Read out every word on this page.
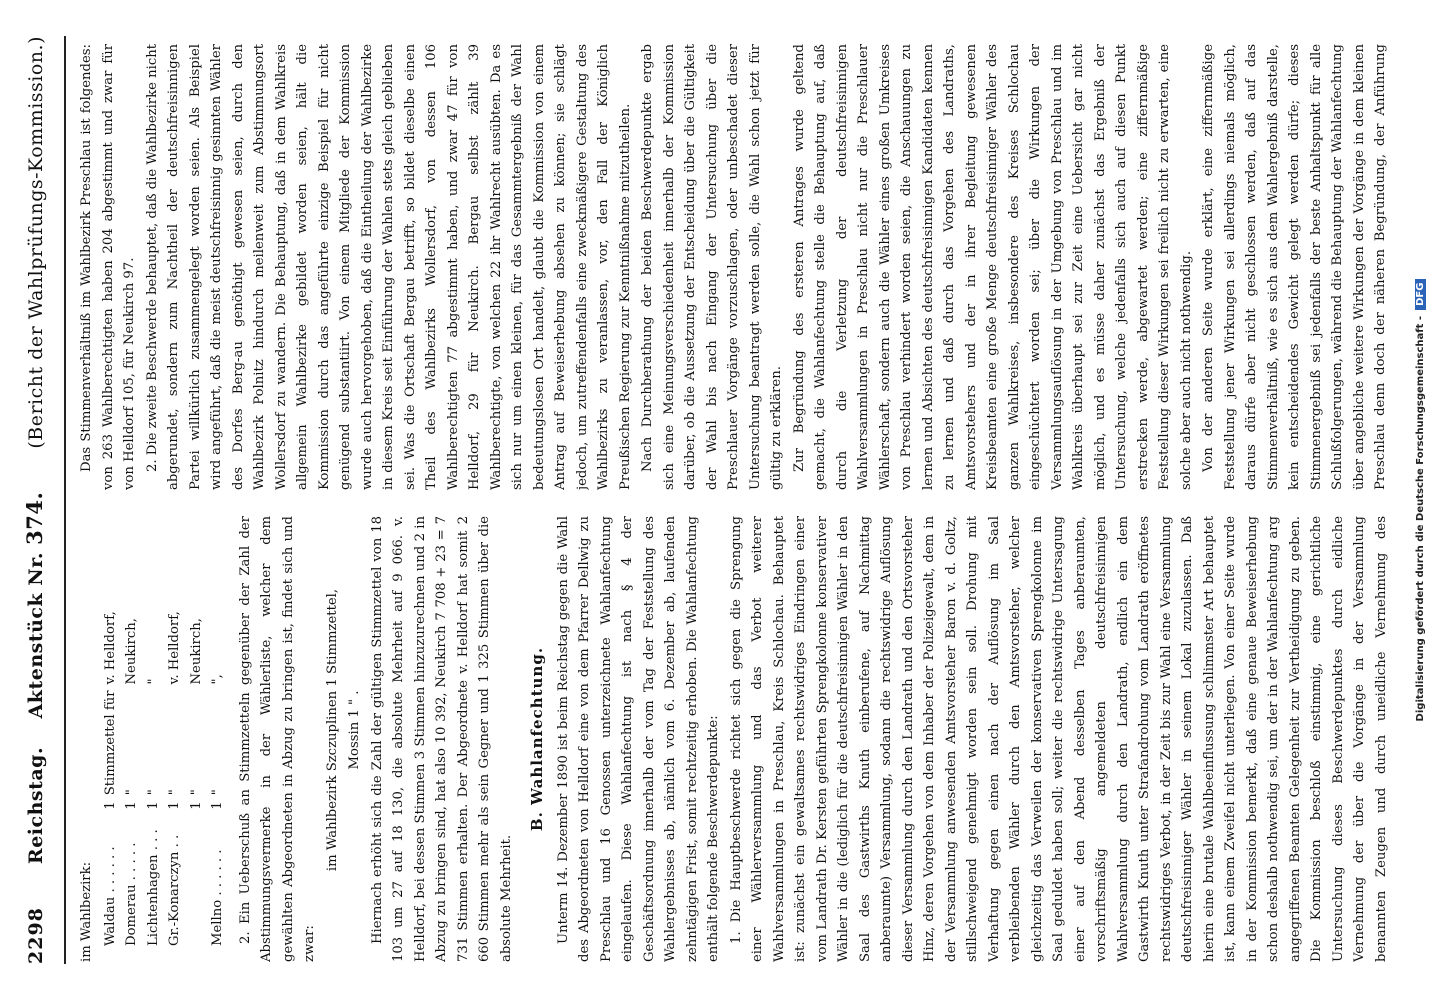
2298
Reichstag.    Aktenstück Nr. 374.
(Bericht der Wahlprüfungs-Kommission.)

im Wahlbezirk: Waldau . . . . . .	1	Stimmzettel für	v. Helldorf,
Domerau . . . . .	1	"	Neukirch,
Lichtenhagen . . .	1	"	"
Gr.-Konarczyn . .	1	"	v. Helldorf,
	1	"	Neukirch,
Mellno . . . . . .	1	"	", 2. Ein Ueberschuß an Stimmzetteln gegenüber der Zahl der Abstimmungsvermerke in der Wählerliste, welcher dem gewählten Abgeordneten in Abzug zu bringen ist, findet sich und zwar:

im Wahlbezirk Szczuplinen 1 Stimmzettel, Mossin 1 " . Hiernach erhöht sich die Zahl der gültigen Stimmzettel von 18 103 um 27 auf 18 130, die absolute Mehrheit auf 9 066. v. Helldorf, bei dessen Stimmen 3 Stimmen hinzuzurechnen und 2 in Abzug zu bringen sind, hat also 10 392, Neukirch 7 708 + 23 = 7 731 Stimmen erhalten. Der Abgeordnete v. Helldorf hat somit 2 660 Stimmen mehr als sein Gegner und 1 325 Stimmen über die absolute Mehrheit.

B. Wahlanfechtung. Unterm 14. Dezember 1890 ist beim Reichstag gegen die Wahl des Abgeordneten von Helldorf eine von dem Pfarrer Dellwig zu Preschlau und 16 Genossen unterzeichnete Wahlanfechtung eingelaufen. Diese Wahlanfechtung ist nach § 4 der Geschäftsordnung innerhalb der vom Tag der Feststellung des Wahlergebnisses ab, nämlich vom 6. Dezember ab, laufenden zehntägigen Frist, somit rechtzeitig erhoben. Die Wahlanfechtung enthält folgende Beschwerdepunkte: 1. Die Hauptbeschwerde richtet sich gegen die Sprengung einer Wählerversammlung und das Verbot weiterer Wahlversammlungen in Preschlau, Kreis Schlochau. Behauptet ist: zunächst ein gewaltsames rechtswidriges Eindringen einer vom Landrath Dr. Kersten geführten Sprengkolonne konservativer Wähler in die (lediglich für die deutschfreisinnigen Wähler in den Saal des Gastwirths Knuth einberufene, auf Nachmittag anberaumte) Versammlung, sodann die rechtswidrige Auflösung dieser Versammlung durch den Landrath und den Ortsvorsteher Hinz, deren Vorgehen von dem Inhaber der Polizeigewalt, dem in der Versammlung anwesenden Amtsvorsteher Baron v. d. Goltz, stillschweigend genehmigt worden sein soll. Drohung mit Verhaftung gegen einen nach der Auflösung im Saal verbleibenden Wähler durch den Amtsvorsteher, welcher gleichzeitig das Verweilen der konservativen Sprengkolonne im Saal geduldet haben soll; weiter die rechtswidrige Untersagung einer auf den Abend desselben Tages anberaumten, vorschriftsmäßig angemeldeten deutschfreisinnigen Wahlversammlung durch den Landrath, endlich ein dem Gastwirth Knuth unter Strafandrohung vom Landrath eröffnetes rechtswidriges Verbot, in der Zeit bis zur Wahl eine Versammlung deutschfreisinniger Wähler in seinem Lokal zuzulassen. Daß hierin eine brutale Wahlbeeinflussung schlimmster Art behauptet ist, kann einem Zweifel nicht unterliegen. Von einer Seite wurde in der Kommission bemerkt, daß eine genaue Beweiserhebung schon deshalb nothwendig sei, um der in der Wahlanfechtung arg angegriffenen Beamten Gelegenheit zur Vertheidigung zu geben. Die Kommission beschloß einstimmig, eine gerichtliche Untersuchung dieses Beschwerdepunktes durch eidliche Vernehmung der über die Vorgänge in der Versammlung benannten Zeugen und durch uneidliche Vernehmung des

Das Stimmenverhältniß im Wahlbezirk Preschlau ist folgendes: von 263 Wahlberechtigten haben 204 abgestimmt und zwar für von Helldorf 105, für Neukirch 97. 2. Die zweite Beschwerde behauptet, daß die Wahlbezirke nicht abgerundet, sondern zum Nachtheil der deutschfreisinnigen Partei willkürlich zusammengelegt worden seien. Als Beispiel wird angeführt, daß die meist deutschfreisinnig gesinnten Wähler des Dorfes Berg-au genöthigt gewesen seien, durch den Wahlbezirk Polnitz hindurch meilenweit zum Abstimmungsort Wollersdorf zu wandern. Die Behauptung, daß in dem Wahlkreis allgemein Wahlbezirke gebildet worden seien, hält die Kommission durch das angeführte einzige Beispiel für nicht genügend substantiirt. Von einem Mitgliede der Kommission wurde auch hervorgehoben, daß die Eintheilung der Wahlbezirke in diesem Kreis seit Einführung der Wahlen stets gleich geblieben sei. Was die Ortschaft Bergau betrifft, so bildet dieselbe einen Theil des Wahlbezirks Wollersdorf, von dessen 106 Wahlberechtigten 77 abgestimmt haben, und zwar 47 für von Helldorf, 29 für Neukirch. Bergau selbst zählt 39 Wahlberechtigte, von welchen 22 ihr Wahlrecht ausübten. Da es sich nur um einen kleinen, für das Gesammtergebniß der Wahl bedeutungslosen Ort handelt, glaubt die Kommission von einem Antrag auf Beweiserhebung absehen zu können; sie schlägt jedoch, um zutreffendenfalls eine zweckmäßigere Gestaltung des Wahlbezirks zu veranlassen, vor, den Fall der Königlich Preußischen Regierung zur Kenntnißnahme mitzutheilen. Nach Durchberathung der beiden Beschwerdepunkte ergab sich eine Meinungsverschiedenheit innerhalb der Kommission darüber, ob die Aussetzung der Entscheidung über die Gültigkeit der Wahl bis nach Eingang der Untersuchung über die Preschlauer Vorgänge vorzuschlagen, oder unbeschadet dieser Untersuchung beantragt werden solle, die Wahl schon jetzt für gültig zu erklären. Zur Begründung des ersteren Antrages wurde geltend gemacht, die Wahlanfechtung stelle die Behauptung auf, daß durch die Verletzung der deutschfreisinnigen Wahlversammlungen in Preschlau nicht nur die Preschlauer Wählerschaft, sondern auch die Wähler eines großen Umkreises von Preschlau verhindert worden seien, die Anschauungen zu lernen und Absichten des deutschfreisinnigen Kandidaten kennen zu lernen und daß durch das Vorgehen des Landraths, Amtsvorstehers und der in ihrer Begleitung gewesenen Kreisbeamten eine große Menge deutschfreisinniger Wähler des ganzen Wahlkreises, insbesondere des Kreises Schlochau eingeschüchtert worden sei; über die Wirkungen der Versammlungsauflösung in der Umgebung von Preschlau und im Wahlkreis überhaupt sei zur Zeit eine Uebersicht gar nicht möglich, und es müsse daher zunächst das Ergebniß der Untersuchung, welche jedenfalls sich auch auf diesen Punkt erstrecken werde, abgewartet werden; eine ziffernmäßige Feststellung dieser Wirkungen sei freilich nicht zu erwarten, eine solche aber auch nicht nothwendig. Von der anderen Seite wurde erklärt, eine ziffernmäßige Feststellung jener Wirkungen sei allerdings niemals möglich, daraus dürfe aber nicht geschlossen werden, daß auf das Stimmenverhältniß, wie es sich aus dem Wahlergebniß darstelle, kein entscheidendes Gewicht gelegt werden dürfe; dieses Stimmenergebniß sei jedenfalls der beste Anhaltspunkt für alle Schlußfolgerungen, während die Behauptung der Wahlanfechtung über angebliche weitere Wirkungen der Vorgänge in dem kleinen Preschlau denn doch der näheren Begründung, der Anführung

Digitalisierung gefördert durch die Deutsche Forschungsgemeinschaft -DFG
